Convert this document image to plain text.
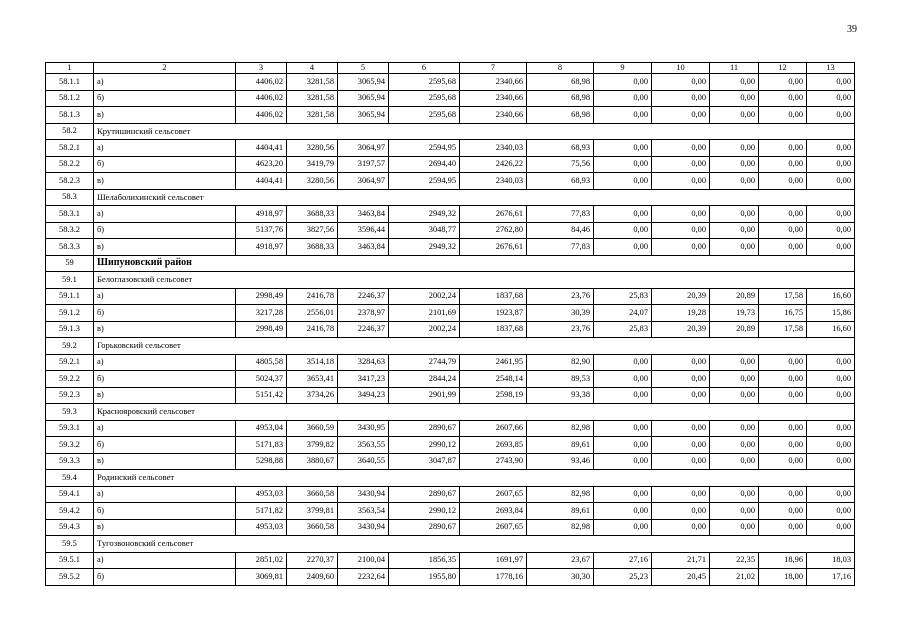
39
1	2	3	4	5	6	7	8	9	10	11	12	13
58.1.1	а)	4406,02	3281,58	3065,94	2595,68	2340,66	68,98	0,00	0,00	0,00	0,00	0,00
58.1.2	б)	4406,02	3281,58	3065,94	2595,68	2340,66	68,98	0,00	0,00	0,00	0,00	0,00
58.1.3	в)	4406,02	3281,58	3065,94	2595,68	2340,66	68,98	0,00	0,00	0,00	0,00	0,00
58.2	Крутишинский сельсовет											
58.2.1	а)	4404,41	3280,56	3064,97	2594,95	2340,03	68,93	0,00	0,00	0,00	0,00	0,00
58.2.2	б)	4623,20	3419,79	3197,57	2694,40	2426,22	75,56	0,00	0,00	0,00	0,00	0,00
58.2.3	в)	4404,41	3280,56	3064,97	2594,95	2340,03	68,93	0,00	0,00	0,00	0,00	0,00
58.3	Шелаболихинский сельсовет											
58.3.1	а)	4918,97	3688,33	3463,84	2949,32	2676,61	77,83	0,00	0,00	0,00	0,00	0,00
58.3.2	б)	5137,76	3827,56	3596,44	3048,77	2762,80	84,46	0,00	0,00	0,00	0,00	0,00
58.3.3	в)	4918,97	3688,33	3463,84	2949,32	2676,61	77,83	0,00	0,00	0,00	0,00	0,00
59	Шипуновский район											
59.1	Белоглазовский сельсовет											
59.1.1	а)	2998,49	2416,78	2246,37	2002,24	1837,68	23,76	25,83	20,39	20,89	17,58	16,60
59.1.2	б)	3217,28	2556,01	2378,97	2101,69	1923,87	30,39	24,07	19,28	19,73	16,75	15,86
59.1.3	в)	2998,49	2416,78	2246,37	2002,24	1837,68	23,76	25,83	20,39	20,89	17,58	16,60
59.2	Горьковский сельсовет											
59.2.1	а)	4805,58	3514,18	3284,63	2744,79	2461,95	82,90	0,00	0,00	0,00	0,00	0,00
59.2.2	б)	5024,37	3653,41	3417,23	2844,24	2548,14	89,53	0,00	0,00	0,00	0,00	0,00
59.2.3	в)	5151,42	3734,26	3494,23	2901,99	2598,19	93,38	0,00	0,00	0,00	0,00	0,00
59.3	Краснояровский сельсовет											
59.3.1	а)	4953,04	3660,59	3430,95	2890,67	2607,66	82,98	0,00	0,00	0,00	0,00	0,00
59.3.2	б)	5171,83	3799,82	3563,55	2990,12	2693,85	89,61	0,00	0,00	0,00	0,00	0,00
59.3.3	в)	5298,88	3880,67	3640,55	3047,87	2743,90	93,46	0,00	0,00	0,00	0,00	0,00
59.4	Родинский сельсовет											
59.4.1	а)	4953,03	3660,58	3430,94	2890,67	2607,65	82,98	0,00	0,00	0,00	0,00	0,00
59.4.2	б)	5171,82	3799,81	3563,54	2990,12	2693,84	89,61	0,00	0,00	0,00	0,00	0,00
59.4.3	в)	4953,03	3660,58	3430,94	2890,67	2607,65	82,98	0,00	0,00	0,00	0,00	0,00
59.5	Тугозвоновский сельсовет											
59.5.1	а)	2851,02	2270,37	2100,04	1856,35	1691,97	23,67	27,16	21,71	22,35	18,96	18,03
59.5.2	б)	3069,81	2409,60	2232,64	1955,80	1778,16	30,30	25,23	20,45	21,02	18,00	17,16
